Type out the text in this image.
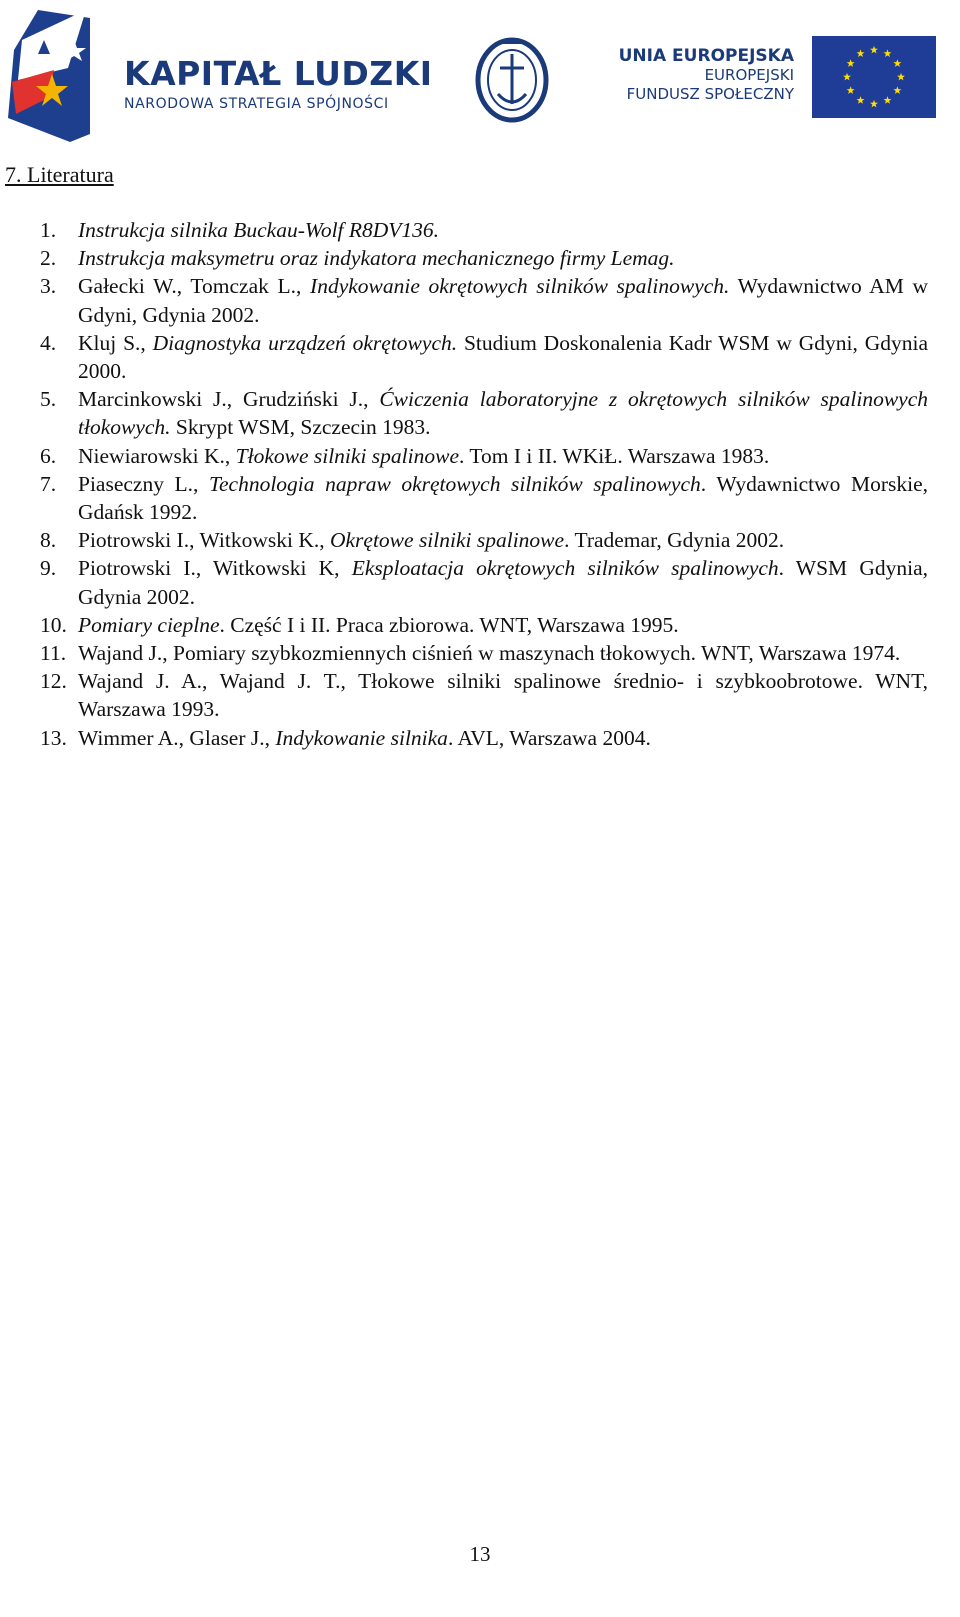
KAPITAŁ LUDZKI
NARODOWA STRATEGIA SPÓJNOŚCI
UNIA EUROPEJSKA
EUROPEJSKI
FUNDUSZ SPOŁECZNY
7. Literatura
1. Instrukcja silnika Buckau-Wolf R8DV136.
2. Instrukcja maksymetru oraz indykatora mechanicznego firmy Lemag.
3. Gałecki W., Tomczak L., Indykowanie okrętowych silników spalinowych. Wydawnictwo AM w Gdyni, Gdynia 2002.
4. Kluj S., Diagnostyka urządzeń okrętowych. Studium Doskonalenia Kadr WSM w Gdyni, Gdynia 2000.
5. Marcinkowski J., Grudziński J., Ćwiczenia laboratoryjne z okrętowych silników spalinowych tłokowych. Skrypt WSM, Szczecin 1983.
6. Niewiarowski K., Tłokowe silniki spalinowe. Tom I i II. WKiŁ. Warszawa 1983.
7. Piaseczny L., Technologia napraw okrętowych silników spalinowych. Wydawnictwo Morskie, Gdańsk 1992.
8. Piotrowski I., Witkowski K., Okrętowe silniki spalinowe. Trademar, Gdynia 2002.
9. Piotrowski I., Witkowski K, Eksploatacja okrętowych silników spalinowych. WSM Gdynia, Gdynia 2002.
10. Pomiary cieplne. Część I i II. Praca zbiorowa. WNT, Warszawa 1995.
11. Wajand J., Pomiary szybkozmiennych ciśnień w maszynach tłokowych. WNT, Warszawa 1974.
12. Wajand J. A., Wajand J. T., Tłokowe silniki spalinowe średnio- i szybkoobrotowe. WNT, Warszawa 1993.
13. Wimmer A., Glaser J., Indykowanie silnika. AVL, Warszawa 2004.
13
